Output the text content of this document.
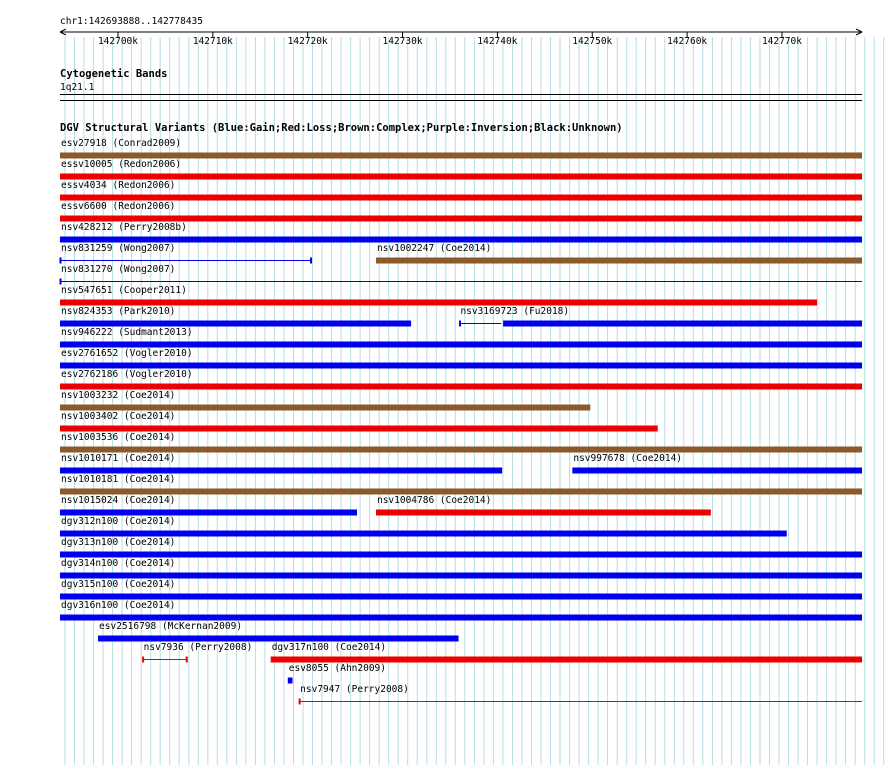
chr1:142693888..142778435
142700k	142710k	142720k	142730k	142740k	142750k	142760k	142770k
Cytogenetic Bands
1q21.1
DGV Structural Variants (Blue:Gain;Red:Loss;Brown:Complex;Purple:Inversion;Black:Unknown)
esv27918 (Conrad2009)
essv10005 (Redon2006)
essv4034 (Redon2006)
essv6600 (Redon2006)
nsv428212 (Perry2008b)
nsv831259 (Wong2007)	nsv1002247 (Coe2014)
nsv831270 (Wong2007)
nsv547651 (Cooper2011)
nsv824353 (Park2010)	nsv3169723 (Fu2018)
nsv946222 (Sudmant2013)
esv2761652 (Vogler2010)
esv2762186 (Vogler2010)
nsv1003232 (Coe2014)
nsv1003402 (Coe2014)
nsv1003536 (Coe2014)
nsv1010171 (Coe2014)	nsv997678 (Coe2014)
nsv1010181 (Coe2014)
nsv1015024 (Coe2014)	nsv1004786 (Coe2014)
dgv312n100 (Coe2014)
dgv313n100 (Coe2014)
dgv314n100 (Coe2014)
dgv315n100 (Coe2014)
dgv316n100 (Coe2014)
esv2516798 (McKernan2009)
nsv7936 (Perry2008) dgv317n100 (Coe2014)
esv8055 (Ahn2009)
nsv7947 (Perry2008)
